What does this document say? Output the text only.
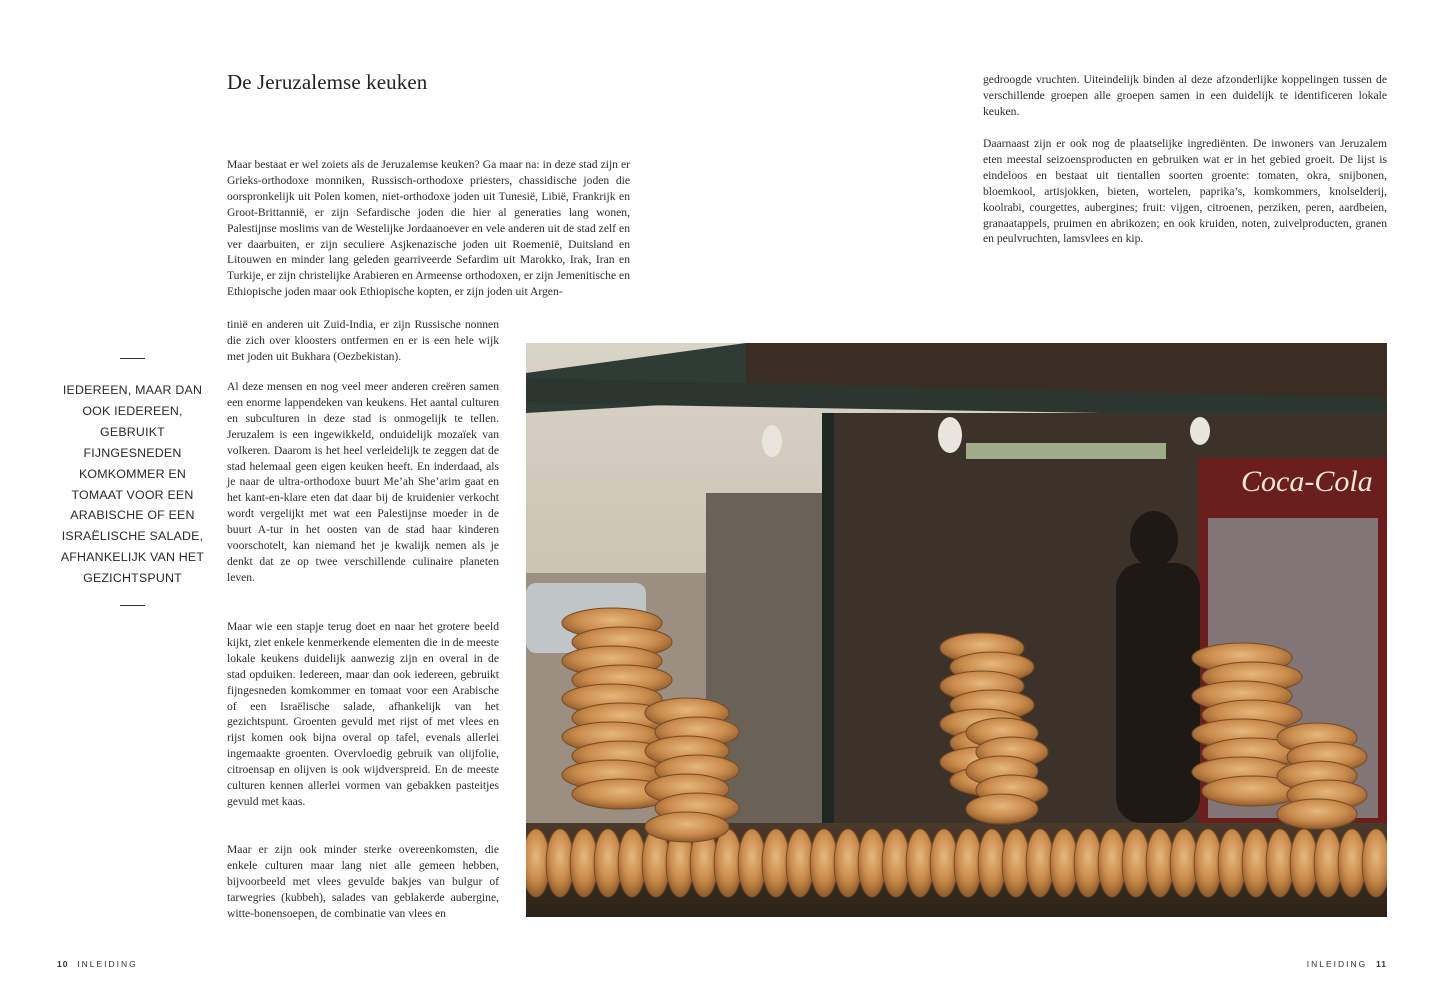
De Jeruzalemse keuken

Maar bestaat er wel zoiets als de Jeruzalemse keuken? Ga maar na: in deze stad zijn er Grieks-orthodoxe monniken, Russisch-orthodoxe priesters, chassidische joden die oorspronkelijk uit Polen komen, niet-orthodoxe joden uit Tunesië, Libië, Frankrijk en Groot-Brittannië, er zijn Sefardische joden die hier al generaties lang wonen, Palestijnse moslims van de Westelijke Jordaanoever en vele anderen uit de stad zelf en ver daarbuiten, er zijn seculiere Asjkenazische joden uit Roemenië, Duitsland en Litouwen en minder lang geleden gearriveerde Sefardim uit Marokko, Irak, Iran en Turkije, er zijn christelijke Arabieren en Armeense orthodoxen, er zijn Jemenitische en Ethiopische joden maar ook Ethiopische kopten, er zijn joden uit Argen-

tinië en anderen uit Zuid-India, er zijn Russische nonnen die zich over kloosters ontfermen en er is een hele wijk met joden uit Bukhara (Oezbekistan).

Al deze mensen en nog veel meer anderen creëren samen een enorme lappendeken van keukens. Het aantal culturen en subculturen in deze stad is onmogelijk te tellen. Jeruzalem is een ingewikkeld, onduidelijk mozaïek van volkeren. Daarom is het heel verleidelijk te zeggen dat de stad helemaal geen eigen keuken heeft. En inderdaad, als je naar de ultra-orthodoxe buurt Me’ah She’arim gaat en het kant-en-klare eten dat daar bij de kruidenier verkocht wordt vergelijkt met wat een Palestijnse moeder in de buurt A-tur in het oosten van de stad haar kinderen voorschotelt, kan niemand het je kwalijk nemen als je denkt dat ze op twee verschillende culinaire planeten leven.

Maar wie een stapje terug doet en naar het grotere beeld kijkt, ziet enkele kenmerkende elementen die in de meeste lokale keukens duidelijk aanwezig zijn en overal in de stad opduiken. Iedereen, maar dan ook iedereen, gebruikt fijngesneden komkommer en tomaat voor een Arabische of een Israëlische salade, afhankelijk van het gezichtspunt. Groenten gevuld met rijst of met vlees en rijst komen ook bijna overal op tafel, evenals allerlei ingemaakte groenten. Overvloedig gebruik van olijfolie, citroensap en olijven is ook wijdverspreid. En de meeste culturen kennen allerlei vormen van gebakken pasteitjes gevuld met kaas.

Maar er zijn ook minder sterke overeenkomsten, die enkele culturen maar lang niet alle gemeen hebben, bijvoorbeeld met vlees gevulde bakjes van bulgur of tarwegries (kubbeh), salades van geblakerde aubergine, witte-bonensoepen, de combinatie van vlees en

gedroogde vruchten. Uiteindelijk binden al deze afzonderlijke koppelingen tussen de verschillende groepen alle groepen samen in een duidelijk te identificeren lokale keuken.

Daarnaast zijn er ook nog de plaatselijke ingrediënten. De inwoners van Jeruzalem eten meestal seizoensproducten en gebruiken wat er in het gebied groeit. De lijst is eindeloos en bestaat uit tientallen soorten groente: tomaten, okra, snijbonen, bloemkool, artisjokken, bieten, wortelen, paprika’s, komkommers, knolselderij, koolrabi, courgettes, aubergines; fruit: vijgen, citroenen, perziken, peren, aardbeien, granaatappels, pruimen en abrikozen; en ook kruiden, noten, zuivelproducten, granen en peulvruchten, lamsvlees en kip.

IEDEREEN, MAAR DAN OOK IEDEREEN, GEBRUIKT FIJNGESNEDEN KOMKOMMER EN TOMAAT VOOR EEN ARABISCHE OF EEN ISRAËLISCHE SALADE, AFHANKELIJK VAN HET GEZICHTSPUNT
Coca-Cola
10 INLEIDING	INLEIDING 11
